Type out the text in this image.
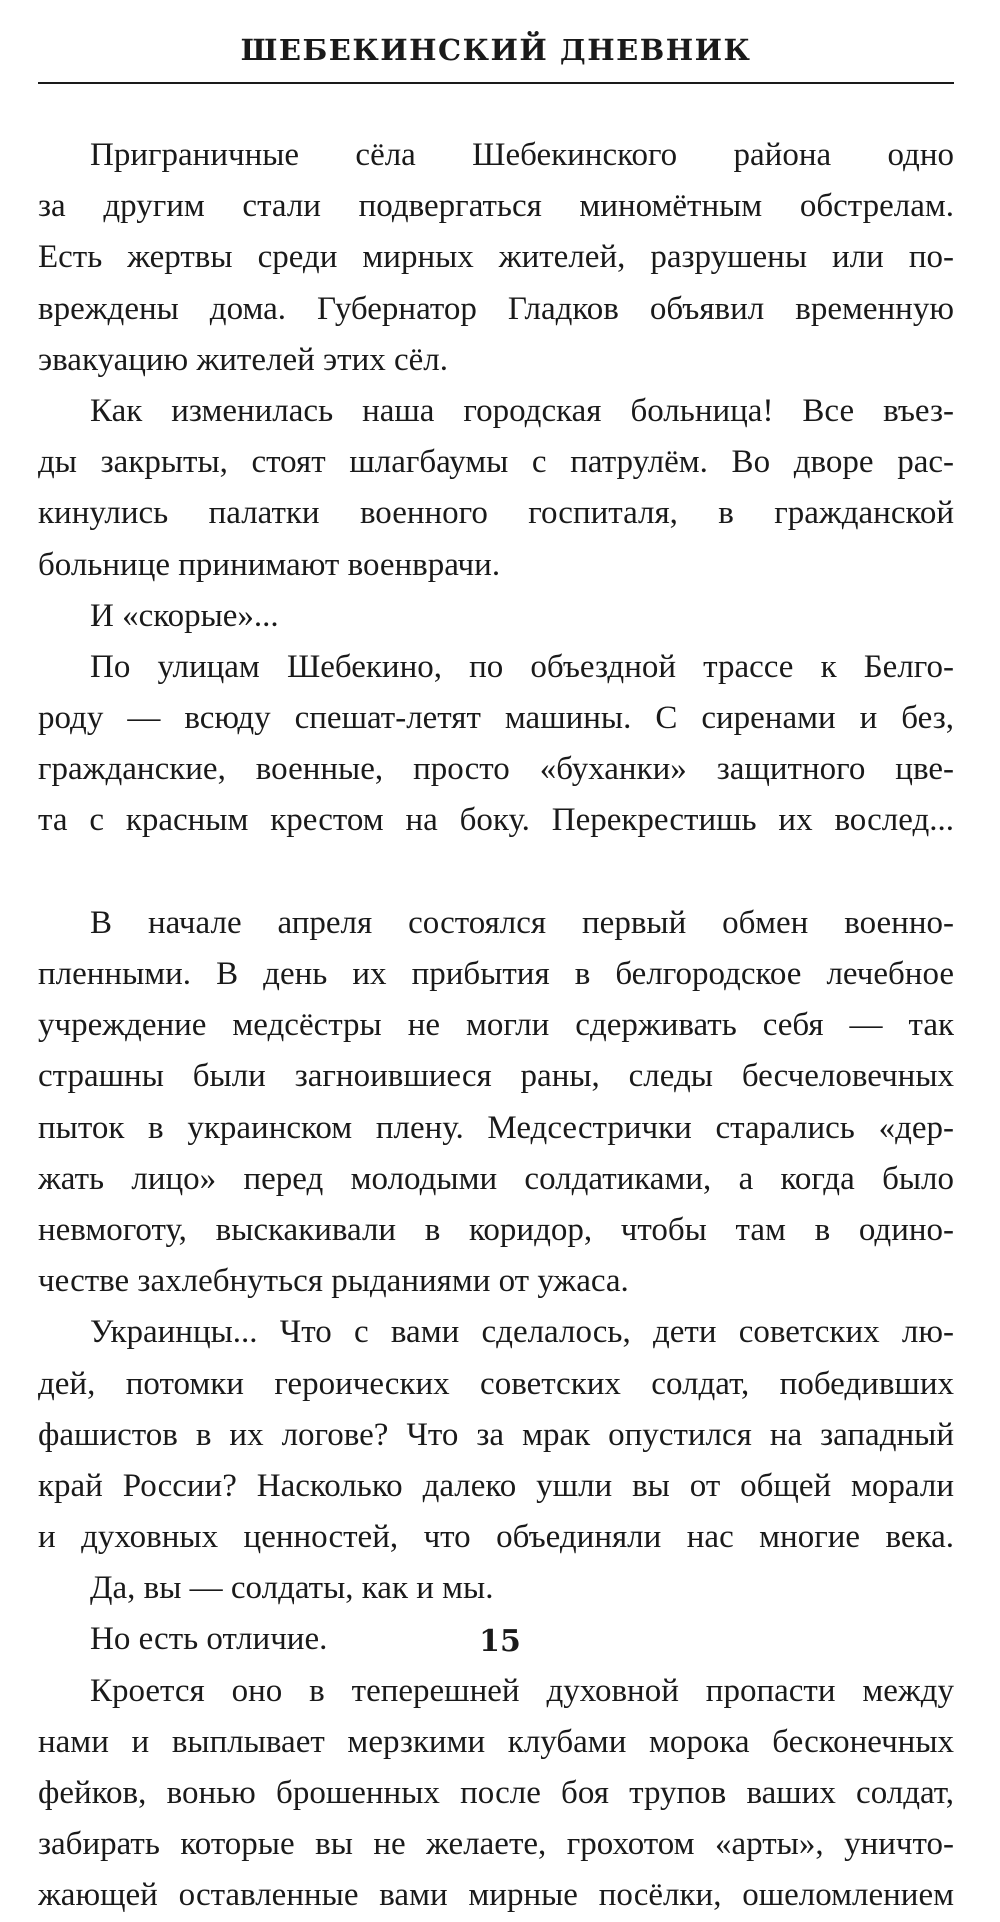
ШЕБЕКИНСКИЙ ДНЕВНИК
Приграничные сёла Шебекинского района одно
за другим стали подвергаться миномётным обстрелам.
Есть жертвы среди мирных жителей, разрушены или по-
вреждены дома. Губернатор Гладков объявил временную
эвакуацию жителей этих сёл.
Как изменилась наша городская больница! Все въез-
ды закрыты, стоят шлагбаумы с патрулём. Во дворе рас-
кинулись палатки военного госпиталя, в гражданской
больнице принимают военврачи.
И «скорые»...
По улицам Шебекино, по объездной трассе к Белго-
роду — всюду спешат-летят машины. С сиренами и без,
гражданские, военные, просто «буханки» защитного цве-
та с красным крестом на боку. Перекрестишь их вослед...
В начале апреля состоялся первый обмен военно-
пленными. В день их прибытия в белгородское лечебное
учреждение медсёстры не могли сдерживать себя — так
страшны были загноившиеся раны, следы бесчеловечных
пыток в украинском плену. Медсестрички старались «дер-
жать лицо» перед молодыми солдатиками, а когда было
невмоготу, выскакивали в коридор, чтобы там в одино-
честве захлебнуться рыданиями от ужаса.
Украинцы... Что с вами сделалось, дети советских лю-
дей, потомки героических советских солдат, победивших
фашистов в их логове? Что за мрак опустился на западный
край России? Насколько далеко ушли вы от общей морали
и духовных ценностей, что объединяли нас многие века.
Да, вы — солдаты, как и мы.
Но есть отличие.
Кроется оно в теперешней духовной пропасти между
нами и выплывает мерзкими клубами морока бесконечных
фейков, вонью брошенных после боя трупов ваших солдат,
забирать которые вы не желаете, грохотом «арты», уничто-
жающей оставленные вами мирные посёлки, ошеломлением
15
